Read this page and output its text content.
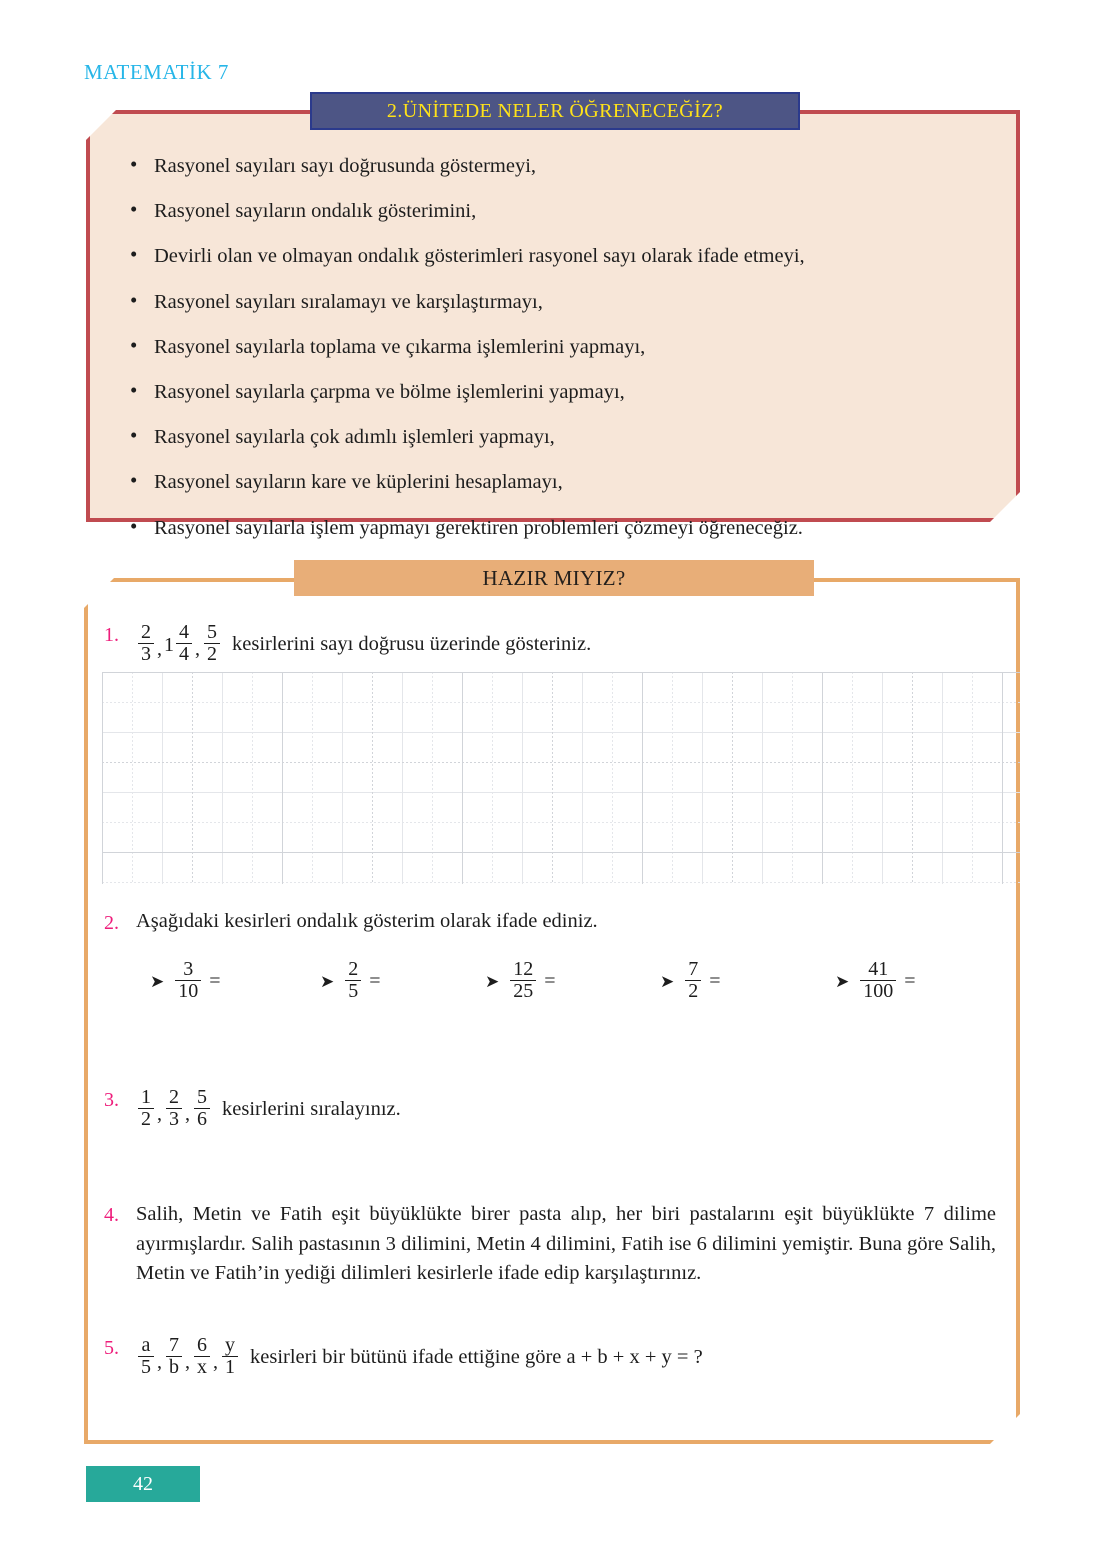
MATEMATİK 7
• Rasyonel sayıları sayı doğrusunda göstermeyi,
• Rasyonel sayıların ondalık gösterimini,
• Devirli olan ve olmayan ondalık gösterimleri rasyonel sayı olarak ifade etmeyi,
• Rasyonel sayıları sıralamayı ve karşılaştırmayı,
• Rasyonel sayılarla toplama ve çıkarma işlemlerini yapmayı,
• Rasyonel sayılarla çarpma ve bölme işlemlerini yapmayı,
• Rasyonel sayılarla çok adımlı işlemleri yapmayı,
• Rasyonel sayıların kare ve küplerini hesaplamayı,
• Rasyonel sayılarla işlem yapmayı gerektiren problemleri çözmeyi öğreneceğiz.
2.ÜNİTEDE NELER ÖĞRENECEĞİZ?
HAZIR MIYIZ?
1. $\frac{2}{3}$ , $1 \frac{4}{4}$ , $\frac{5}{2}$ kesirlerini sayı doğrusu üzerinde gösteriniz.
2. Aşağıdaki kesirleri ondalık gösterim olarak ifade ediniz.
➤ $\frac{3}{10}$ =	➤ $\frac{2}{5}$ =	➤ $\frac{12}{25}$ =	➤ $\frac{7}{2}$ =	➤ $\frac{41}{100}$ =
3. $\frac{1}{2}$ , $\frac{2}{3}$ , $\frac{5}{6}$ kesirlerini sıralayınız.
4. Salih, Metin ve Fatih eşit büyüklükte birer pasta alıp, her biri pastalarını eşit büyüklükte 7 dilime ayırmışlardır. Salih pastasının 3 dilimini, Metin 4 dilimini, Fatih ise 6 dilimini yemiştir. Buna göre Salih, Metin ve Fatih’in yediği dilimleri kesirlerle ifade edip karşılaştırınız.
5. $\frac{a}{5}$ , $\frac{7}{b}$ , $\frac{6}{x}$ , $\frac{y}{1}$ kesirleri bir bütünü ifade ettiğine göre a + b + x + y = ?
42
